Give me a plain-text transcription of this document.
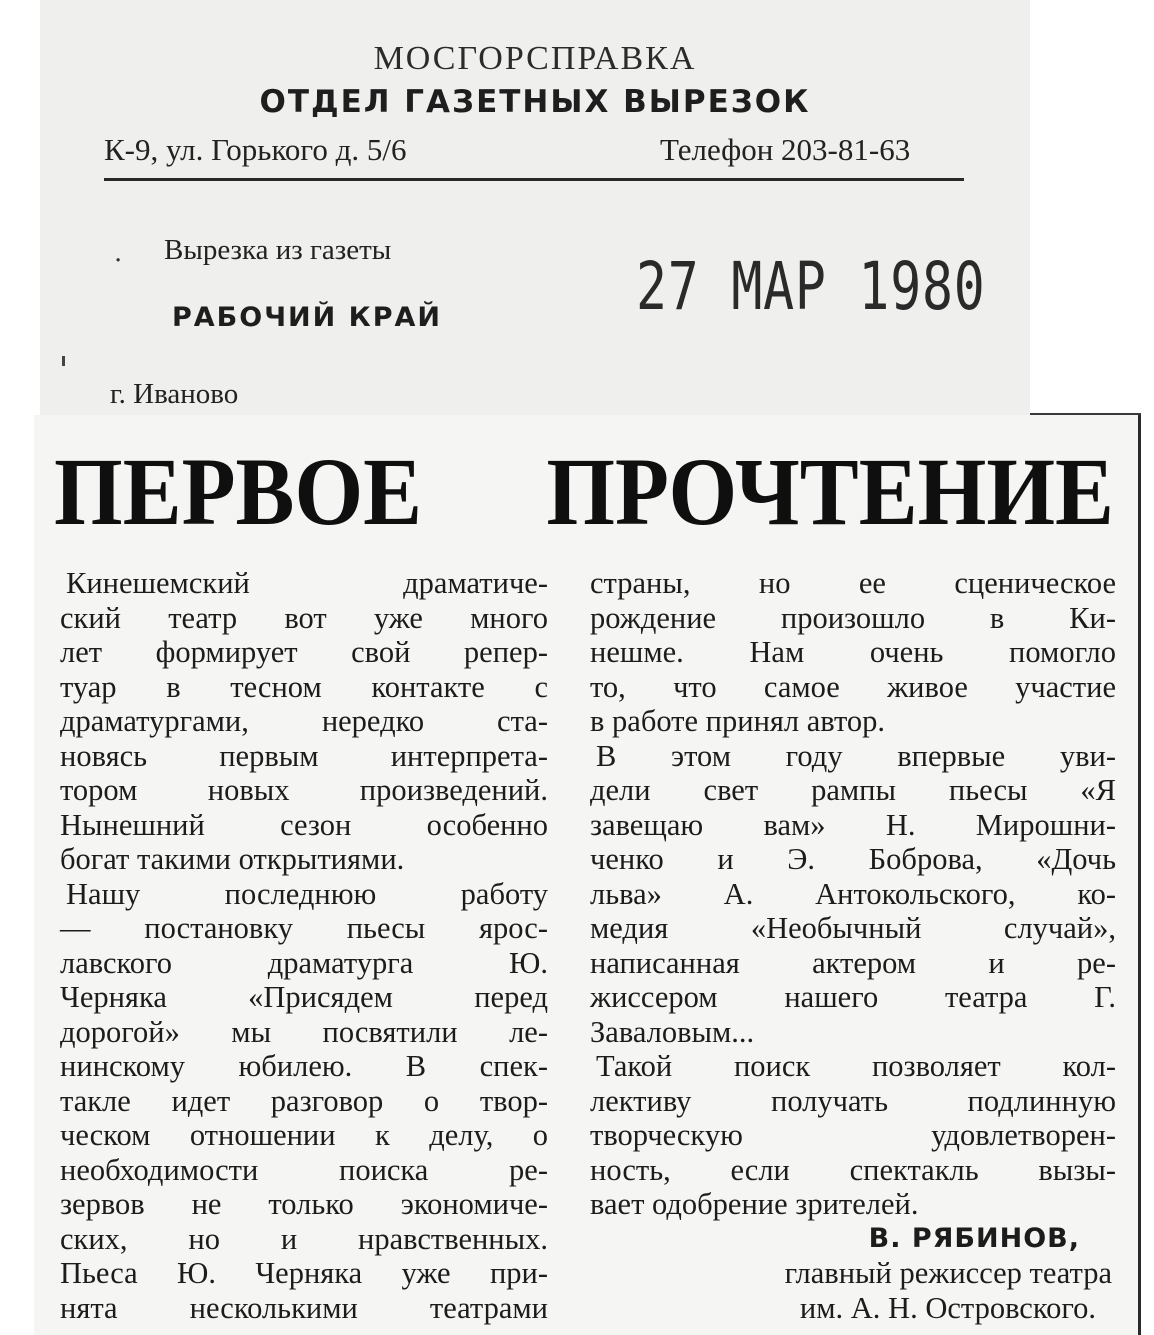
МОСГОРСПРАВКА
ОТДЕЛ ГАЗЕТНЫХ ВЫРЕЗОК
К-9, ул. Горького д. 5/6	Телефон 203-81-63
· Вырезка из газеты
РАБОЧИЙ КРАЙ
г. Иваново
27 МАР 1980
ПЕРВОЕ ПРОЧТЕНИЕ
Кинешемский драматиче-
ский театр вот уже много
лет формирует свой репер-
туар в тесном контакте с
драматургами, нередко ста-
новясь первым интерпрета-
тором новых произведений.
Нынешний сезон особенно
богат такими открытиями.
Нашу последнюю работу
— постановку пьесы ярос-
лавского драматурга Ю.
Черняка «Присядем перед
дорогой» мы посвятили ле-
нинскому юбилею. В спек-
такле идет разговор о твор-
ческом отношении к делу, о
необходимости поиска ре-
зервов не только экономиче-
ских, но и нравственных.
Пьеса Ю. Черняка уже при-
нята несколькими театрами
страны, но ее сценическое
рождение произошло в Ки-
нешме. Нам очень помогло
то, что самое живое участие
в работе принял автор.
В этом году впервые уви-
дели свет рампы пьесы «Я
завещаю вам» Н. Мирошни-
ченко и Э. Боброва, «Дочь
льва» А. Антокольского, ко-
медия «Необычный случай»,
написанная актером и ре-
жиссером нашего театра Г.
Заваловым...
Такой поиск позволяет кол-
лективу получать подлинную
творческую удовлетворен-
ность, если спектакль вызы-
вает одобрение зрителей.
В. РЯБИНОВ,
главный режиссер театра
им. А. Н. Островского.
